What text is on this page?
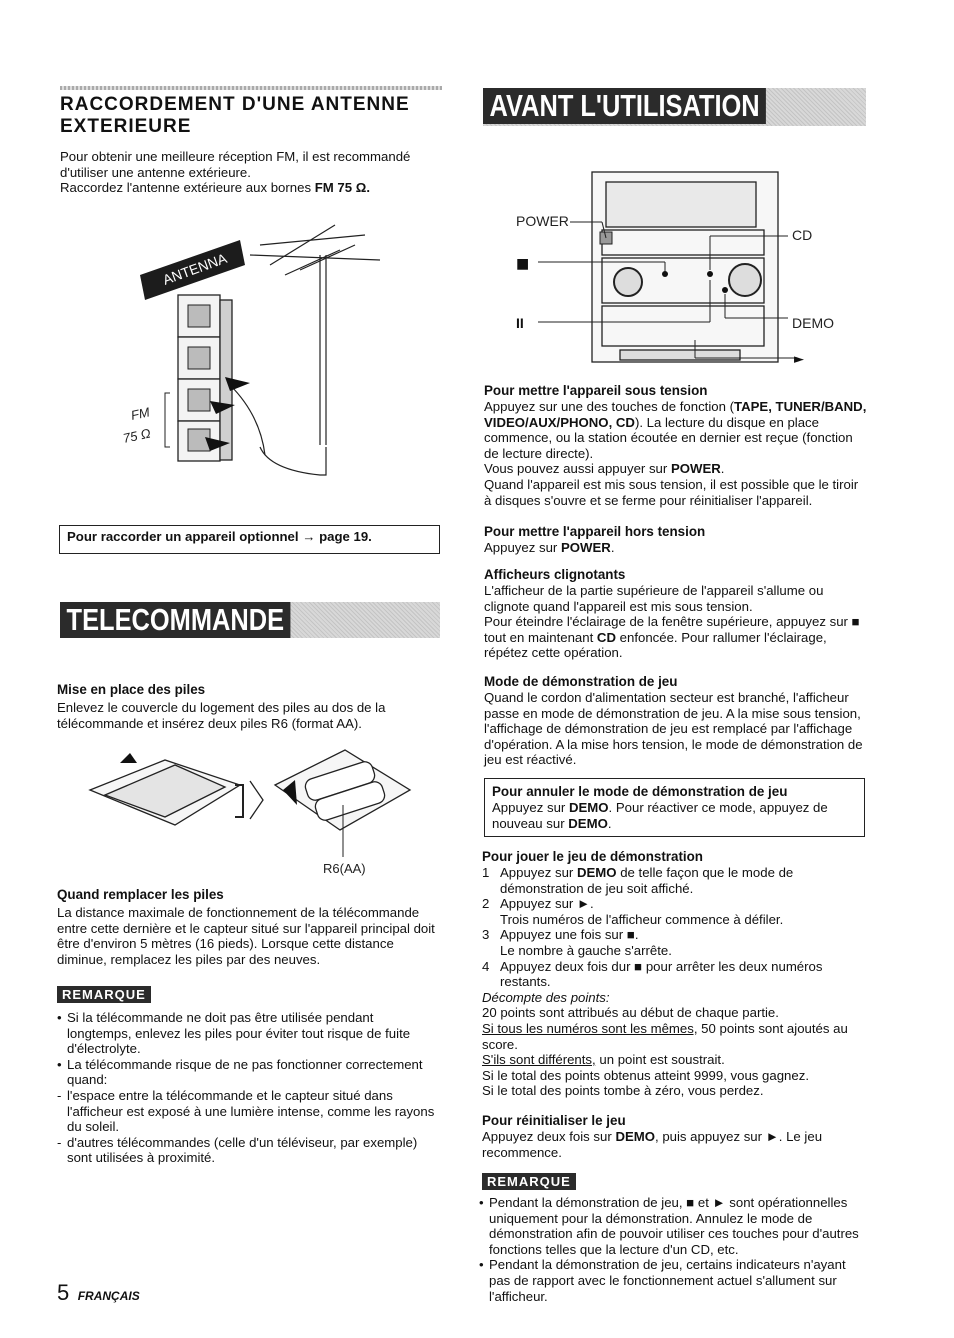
RACCORDEMENT D'UNE ANTENNE EXTERIEURE

Pour obtenir une meilleure réception FM, il est recommandé d'utiliser une antenne extérieure.

Raccordez l'antenne extérieure aux bornes FM 75 Ω.

ANTENNA
FM
75 Ω
Pour raccorder un appareil optionnel → page 19.
TELECOMMANDE

Mise en place des piles

Enlevez le couvercle du logement des piles au dos de la télécommande et insérez deux piles R6 (format AA).

R6(AA)

Quand remplacer les piles

La distance maximale de fonctionnement de la télécommande entre cette dernière et le capteur situé sur l'appareil principal doit être d'environ 5 mètres (16 pieds). Lorsque cette distance diminue, remplacez les piles par des neuves.

REMARQUE
• Si la télécommande ne doit pas être utilisée pendant longtemps, enlevez les piles pour éviter tout risque de fuite d'électrolyte.
• La télécommande risque de ne pas fonctionner correctement quand:
- l'espace entre la télécommande et le capteur situé dans l'afficheur est exposé à une lumière intense, comme les rayons du soleil.
- d'autres télécommandes (celle d'un téléviseur, par exemple) sont utilisées à proximité.
5 FRANÇAIS
AVANT L'UTILISATION
POWER
CD
DEMO
■
II
►

Pour mettre l'appareil sous tension

Appuyez sur une des touches de fonction (TAPE, TUNER/BAND, VIDEO/AUX/PHONO, CD). La lecture du disque en place commence, ou la station écoutée en dernier est reçue (fonction de lecture directe).

Vous pouvez aussi appuyer sur POWER.

Quand l'appareil est mis sous tension, il est possible que le tiroir à disques s'ouvre et se ferme pour réinitialiser l'appareil.

Pour mettre l'appareil hors tension

Appuyez sur POWER.

Afficheurs clignotants

L'afficheur de la partie supérieure de l'appareil s'allume ou clignote quand l'appareil est mis sous tension.

Pour éteindre l'éclairage de la fenêtre supérieure, appuyez sur ■ tout en maintenant CD enfoncée. Pour rallumer l'éclairage, répétez cette opération.

Mode de démonstration de jeu

Quand le cordon d'alimentation secteur est branché, l'afficheur passe en mode de démonstration de jeu. A la mise sous tension, l'affichage de démonstration de jeu est remplacé par l'affichage d'opération. A la mise hors tension, le mode de démonstration de jeu est réactivé.

Pour annuler le mode de démonstration de jeu

Appuyez sur DEMO. Pour réactiver ce mode, appuyez de nouveau sur DEMO.

Pour jouer le jeu de démonstration

1 Appuyez sur DEMO de telle façon que le mode de démonstration de jeu soit affiché.
2 Appuyez sur ►.
Trois numéros de l'afficheur commence à défiler.
3 Appuyez une fois sur ■.
Le nombre à gauche s'arrête.
4 Appuyez deux fois dur ■ pour arrêter les deux numéros restants.

Décompte des points:

20 points sont attribués au début de chaque partie.

Si tous les numéros sont les mêmes, 50 points sont ajoutés au score.

S'ils sont différents, un point est soustrait.

Si le total des points obtenus atteint 9999, vous gagnez.

Si le total des points tombe à zéro, vous perdez.

Pour réinitialiser le jeu

Appuyez deux fois sur DEMO, puis appuyez sur ►. Le jeu recommence.

REMARQUE
• Pendant la démonstration de jeu, ■ et ► sont opérationnelles uniquement pour la démonstration. Annulez le mode de démonstration afin de pouvoir utiliser ces touches pour d'autres fonctions telles que la lecture d'un CD, etc.
• Pendant la démonstration de jeu, certains indicateurs n'ayant pas de rapport avec le fonctionnement actuel s'allument sur l'afficheur.
